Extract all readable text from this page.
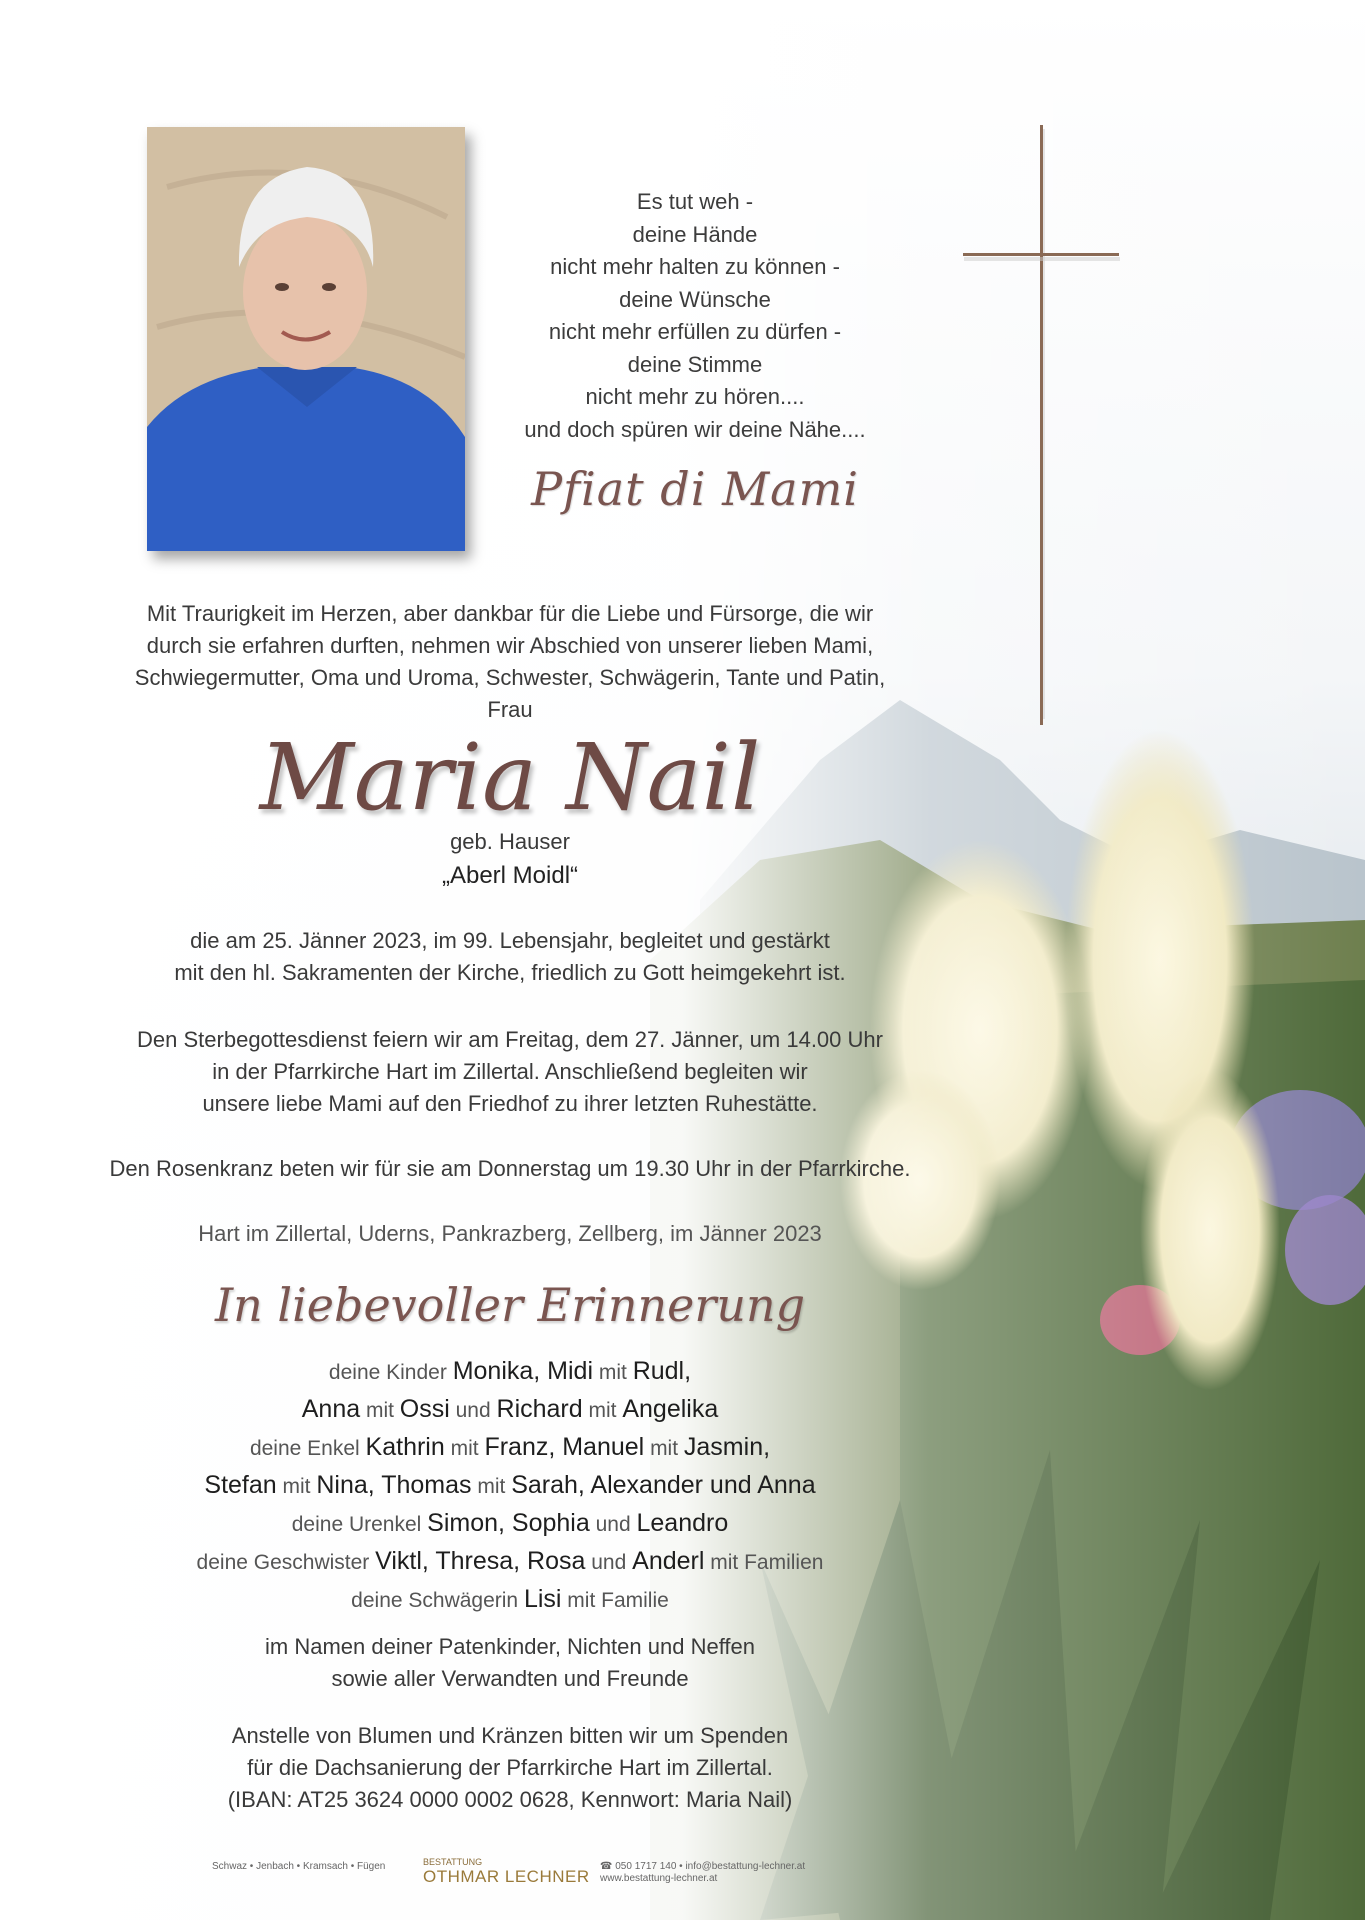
Es tut weh -
deine Hände
nicht mehr halten zu können -
deine Wünsche
nicht mehr erfüllen zu dürfen -
deine Stimme
nicht mehr zu hören....
und doch spüren wir deine Nähe....
Pfiat di Mami
Mit Traurigkeit im Herzen, aber dankbar für die Liebe und Fürsorge, die wir
durch sie erfahren durften, nehmen wir Abschied von unserer lieben Mami,
Schwiegermutter, Oma und Uroma, Schwester, Schwägerin, Tante und Patin,
Frau
Maria Nail
geb. Hauser
„Aberl Moidl“
die am 25. Jänner 2023, im 99. Lebensjahr, begleitet und gestärkt
mit den hl. Sakramenten der Kirche, friedlich zu Gott heimgekehrt ist.
Den Sterbegottesdienst feiern wir am Freitag, dem 27. Jänner, um 14.00 Uhr
in der Pfarrkirche Hart im Zillertal. Anschließend begleiten wir
unsere liebe Mami auf den Friedhof zu ihrer letzten Ruhestätte.
Den Rosenkranz beten wir für sie am Donnerstag um 19.30 Uhr in der Pfarrkirche.
Hart im Zillertal, Uderns, Pankrazberg, Zellberg, im Jänner 2023
In liebevoller Erinnerung
deine Kinder Monika, Midi mit Rudl,
Anna mit Ossi und Richard mit Angelika
deine Enkel Kathrin mit Franz, Manuel mit Jasmin,
Stefan mit Nina, Thomas mit Sarah, Alexander und Anna
deine Urenkel Simon, Sophia und Leandro
deine Geschwister Viktl, Thresa, Rosa und Anderl mit Familien
deine Schwägerin Lisi mit Familie
im Namen deiner Patenkinder, Nichten und Neffen
sowie aller Verwandten und Freunde
Anstelle von Blumen und Kränzen bitten wir um Spenden
für die Dachsanierung der Pfarrkirche Hart im Zillertal.
(IBAN: AT25 3624 0000 0002 0628, Kennwort: Maria Nail)
Schwaz • Jenbach • Kramsach • Fügen	BESTATTUNG
OTHMAR LECHNER
☎ 050 1717 140 • info@bestattung-lechner.at
www.bestattung-lechner.at
